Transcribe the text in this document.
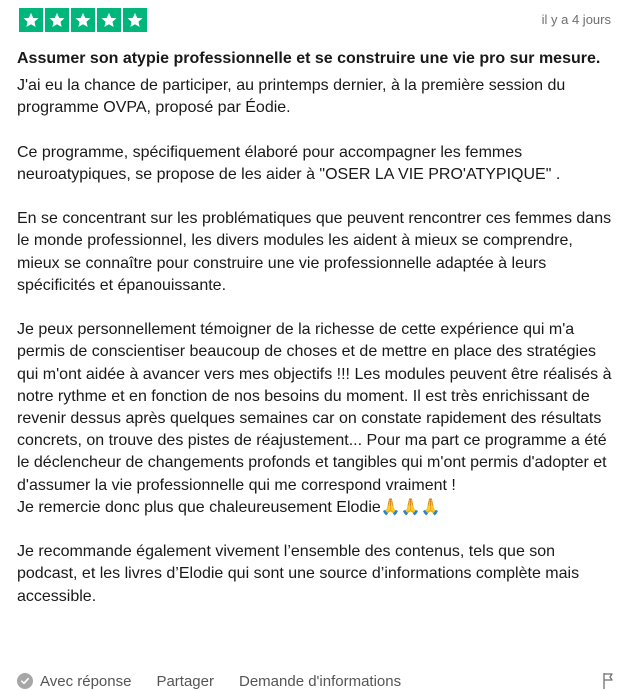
il y a 4 jours
Assumer son atypie professionnelle et se construire une vie pro sur mesure.

J'ai eu la chance de participer, au printemps dernier, à la première session du programme OVPA, proposé par Éodie.

Ce programme, spécifiquement élaboré pour accompagner les femmes neuroatypiques, se propose de les aider à "OSER LA VIE PRO'ATYPIQUE" .

En se concentrant sur les problématiques que peuvent rencontrer ces femmes dans le monde professionnel, les divers modules les aident à mieux se comprendre, mieux se connaître pour construire une vie professionnelle adaptée à leurs spécificités et épanouissante.

Je peux personnellement témoigner de la richesse de cette expérience qui m'a permis de conscientiser beaucoup de choses et de mettre en place des stratégies qui m'ont aidée à avancer vers mes objectifs !!! Les modules peuvent être réalisés à notre rythme et en fonction de nos besoins du moment. Il est très enrichissant de revenir dessus après quelques semaines car on constate rapidement des résultats concrets, on trouve des pistes de réajustement... Pour ma part ce programme a été le déclencheur de changements profonds et tangibles qui m'ont permis d'adopter et d'assumer la vie professionnelle qui me correspond vraiment !
Je remercie donc plus que chaleureusement Elodie🙏🙏🙏

Je recommande également vivement l’ensemble des contenus, tels que son podcast, et les livres d’Elodie qui sont une source d’informations complète mais accessible.

Avec réponse Partager Demande d'informations
